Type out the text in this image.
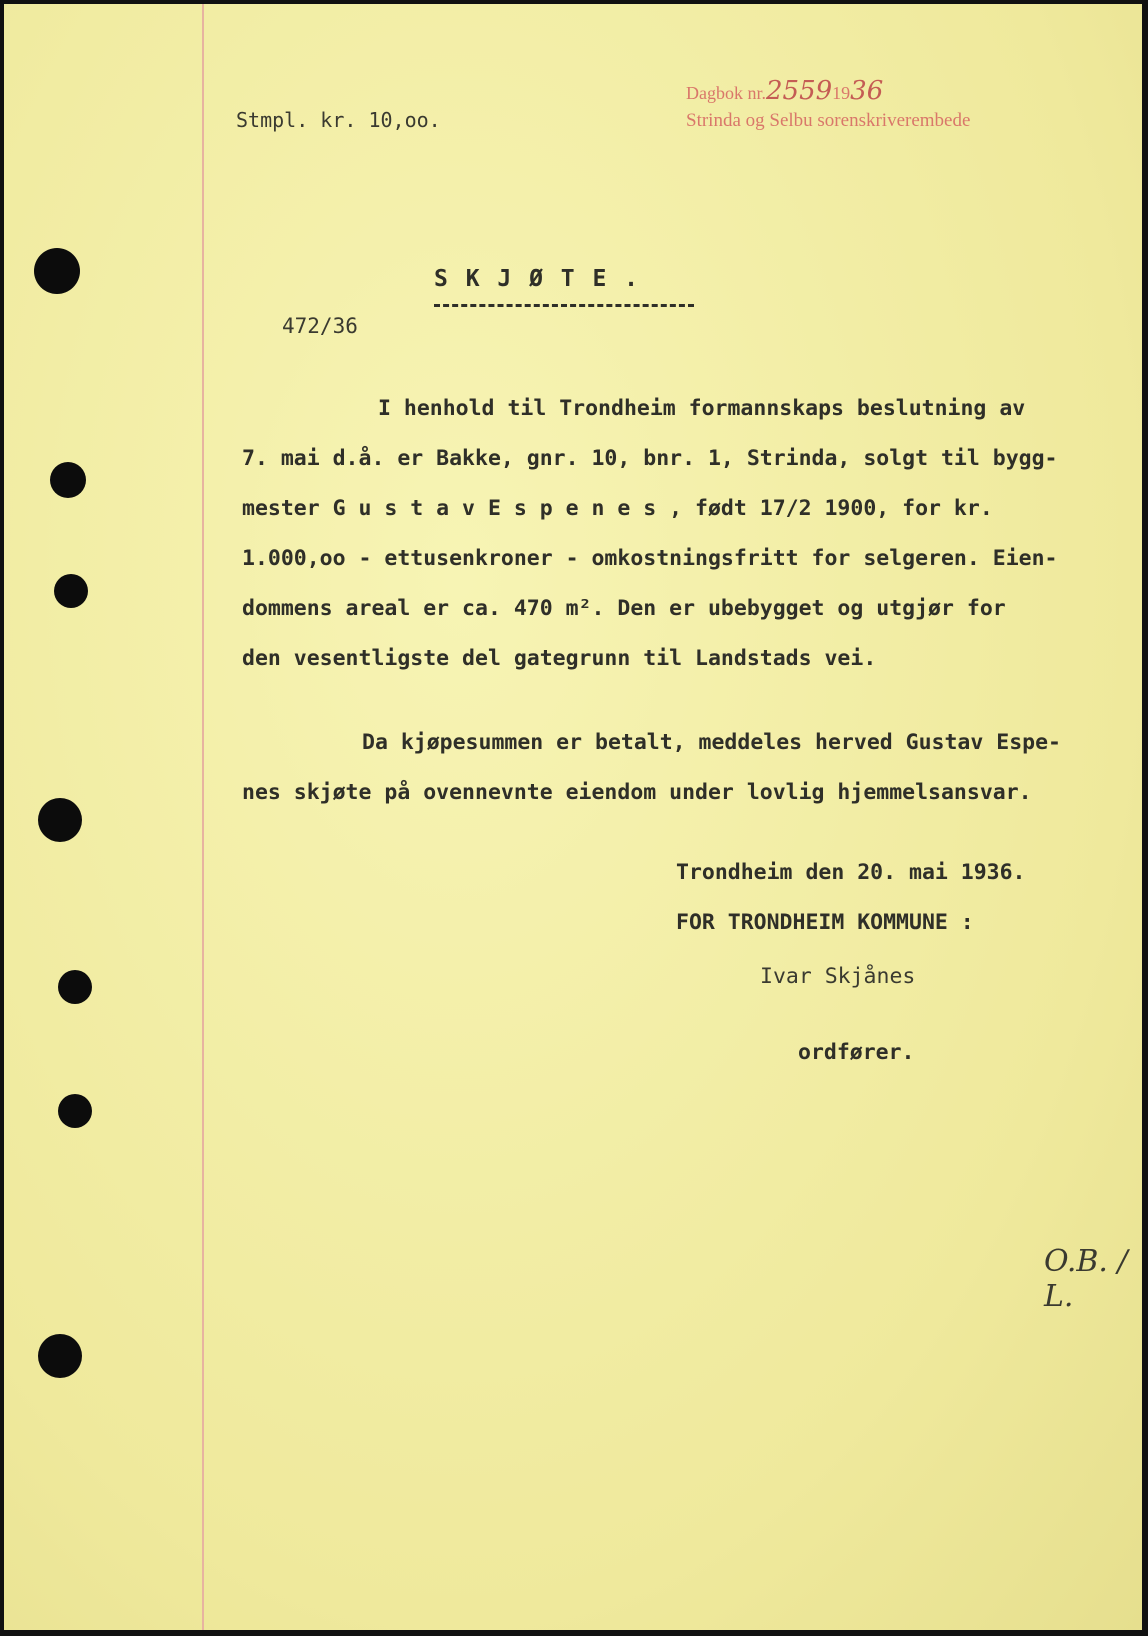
Stmpl. kr. 10,oo.
Dagbok nr.25591936
Strinda og Selbu sorenskriverembede
S K J Ø T E .
472/36
I henhold til Trondheim formannskaps beslutning av
7. mai d.å. er Bakke, gnr. 10, bnr. 1, Strinda, solgt til bygg-
mester G u s t a v E s p e n e s , født 17/2 1900, for kr.
1.000,oo - ettusenkroner - omkostningsfritt for selgeren. Eien-
dommens areal er ca. 470 m². Den er ubebygget og utgjør for
den vesentligste del gategrunn til Landstads vei.
Da kjøpesummen er betalt, meddeles herved Gustav Espe-
nes skjøte på ovennevnte eiendom under lovlig hjemmelsansvar.
Trondheim den 20. mai 1936.
FOR TRONDHEIM KOMMUNE :
Ivar Skjånes
ordfører.
O.B. / L.
